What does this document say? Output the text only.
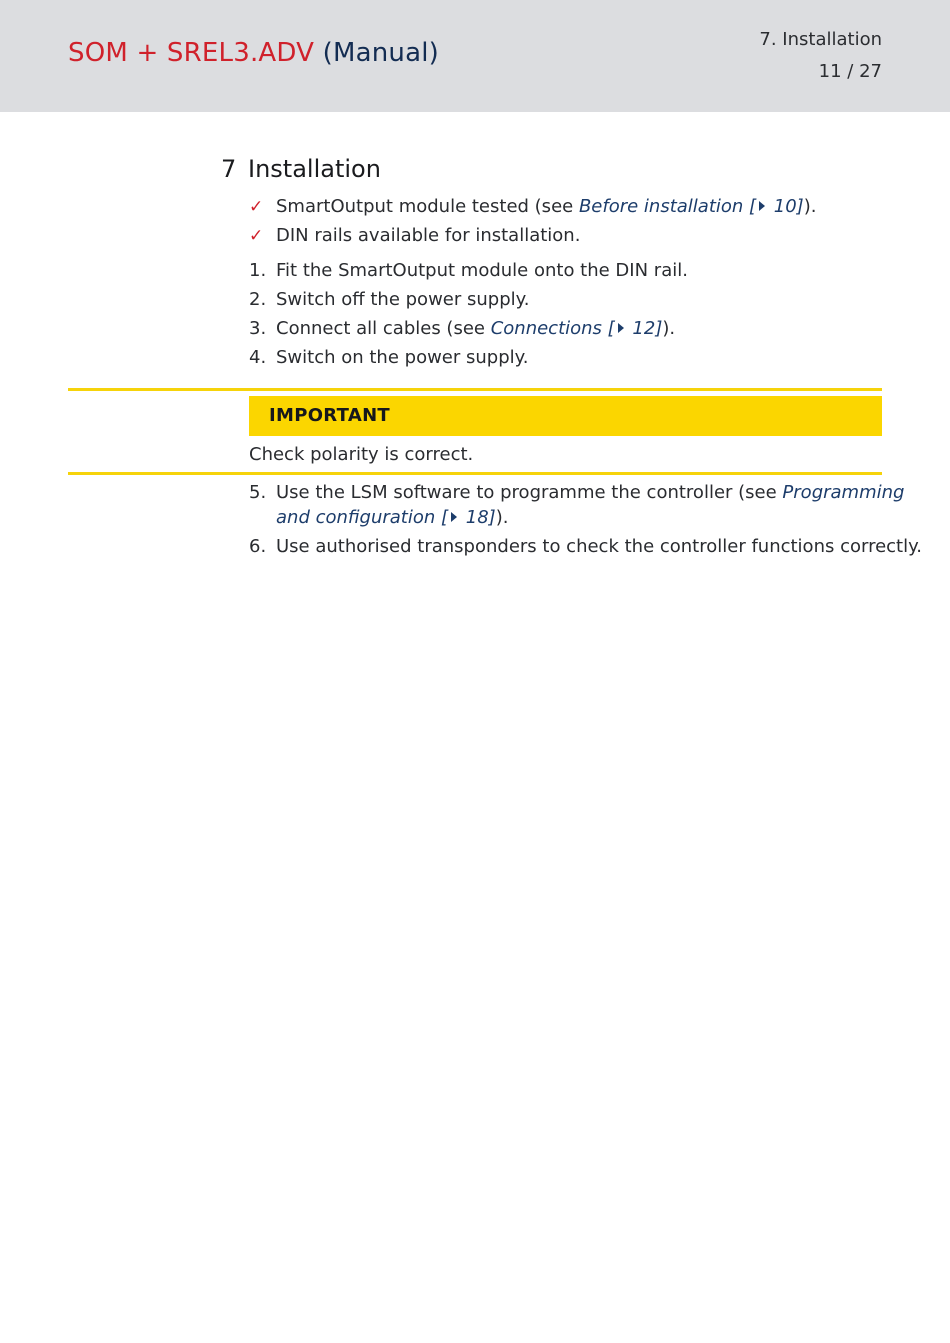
SOM + SREL3.ADV (Manual)	7. Installation
11 / 27
7 Installation
✓ SmartOutput module tested (see Before installation [ 10]).
✓ DIN rails available for installation.
1. Fit the SmartOutput module onto the DIN rail.
2. Switch off the power supply.
3. Connect all cables (see Connections [ 12]).
4. Switch on the power supply.
IMPORTANT
Check polarity is correct.
5. Use the LSM software to programme the controller (see Programming
and configuration [ 18]).
6. Use authorised transponders to check the controller functions correctly.
